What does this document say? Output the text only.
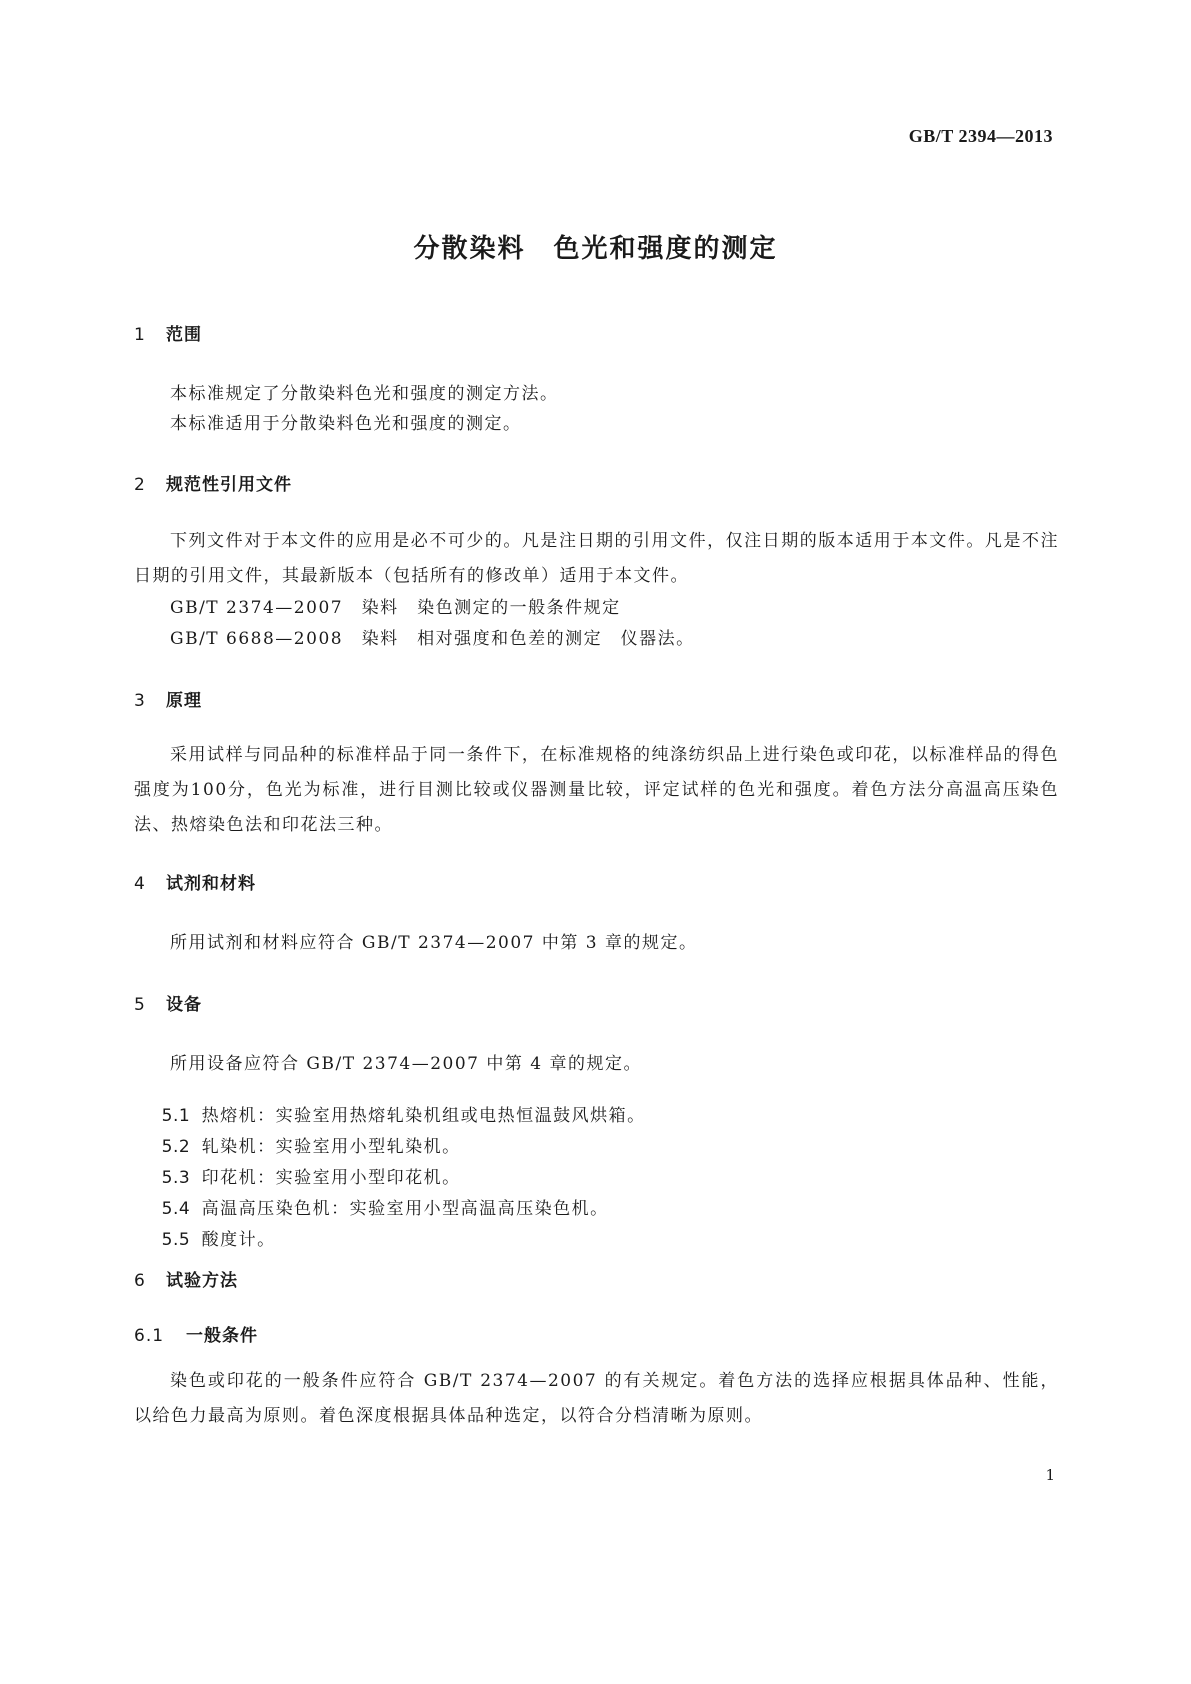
GB/T 2394—2013
分散染料　色光和强度的测定
1 范围
本标准规定了分散染料色光和强度的测定方法。
本标准适用于分散染料色光和强度的测定。
2 规范性引用文件
下列文件对于本文件的应用是必不可少的。凡是注日期的引用文件，仅注日期的版本适用于本文件。凡是不注日期的引用文件，其最新版本（包括所有的修改单）适用于本文件。
GB/T 2374—2007　染料　染色测定的一般条件规定
GB/T 6688—2008　染料　相对强度和色差的测定　仪器法。
3 原理
采用试样与同品种的标准样品于同一条件下，在标准规格的纯涤纺织品上进行染色或印花，以标准样品的得色强度为100分，色光为标准，进行目测比较或仪器测量比较，评定试样的色光和强度。着色方法分高温高压染色法、热熔染色法和印花法三种。
4 试剂和材料
所用试剂和材料应符合 GB/T 2374—2007 中第 3 章的规定。
5 设备
所用设备应符合 GB/T 2374—2007 中第 4 章的规定。

5.1 热熔机：实验室用热熔轧染机组或电热恒温鼓风烘箱。

5.2 轧染机：实验室用小型轧染机。

5.3 印花机：实验室用小型印花机。

5.4 高温高压染色机：实验室用小型高温高压染色机。

5.5 酸度计。

6 试验方法
6.1 一般条件
染色或印花的一般条件应符合 GB/T 2374—2007 的有关规定。着色方法的选择应根据具体品种、性能，以给色力最高为原则。着色深度根据具体品种选定，以符合分档清晰为原则。
1
